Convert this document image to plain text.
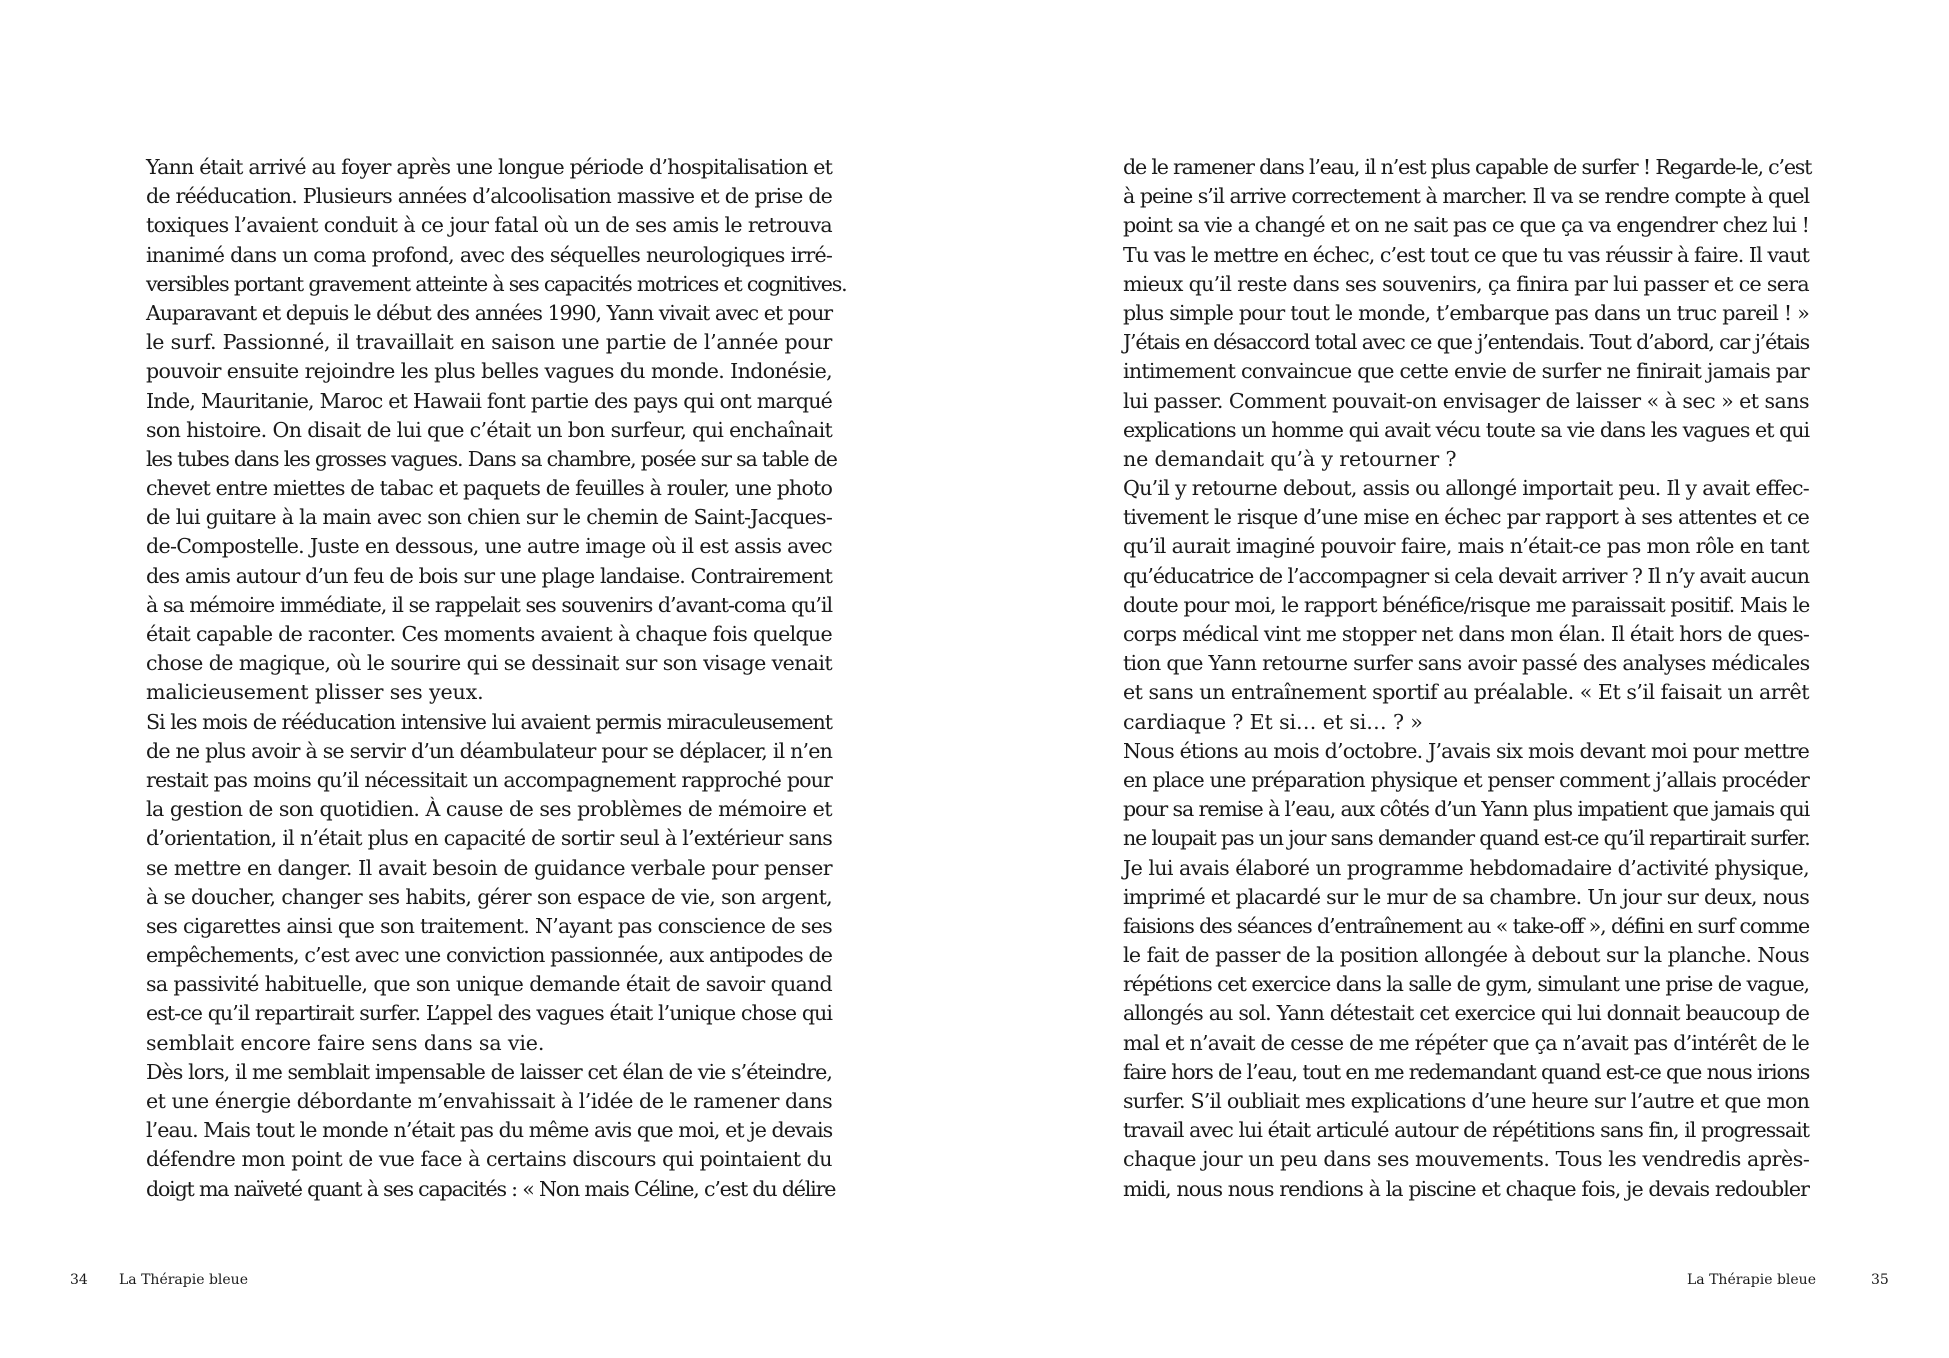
Yann était arrivé au foyer après une longue période d’hospitalisation et
de rééducation. Plusieurs années d’alcoolisation massive et de prise de
toxiques l’avaient conduit à ce jour fatal où un de ses amis le retrouva
inanimé dans un coma profond, avec des séquelles neurologiques irré-
versibles portant gravement atteinte à ses capacités motrices et cognitives.
Auparavant et depuis le début des années 1990, Yann vivait avec et pour
le surf. Passionné, il travaillait en saison une partie de l’année pour
pouvoir ensuite rejoindre les plus belles vagues du monde. Indonésie,
Inde, Mauritanie, Maroc et Hawaii font partie des pays qui ont marqué
son histoire. On disait de lui que c’était un bon surfeur, qui enchaînait
les tubes dans les grosses vagues. Dans sa chambre, posée sur sa table de
chevet entre miettes de tabac et paquets de feuilles à rouler, une photo
de lui guitare à la main avec son chien sur le chemin de Saint-Jacques-
de-Compostelle. Juste en dessous, une autre image où il est assis avec
des amis autour d’un feu de bois sur une plage landaise. Contrairement
à sa mémoire immédiate, il se rappelait ses souvenirs d’avant-coma qu’il
était capable de raconter. Ces moments avaient à chaque fois quelque
chose de magique, où le sourire qui se dessinait sur son visage venait
malicieusement plisser ses yeux.
Si les mois de rééducation intensive lui avaient permis miraculeusement
de ne plus avoir à se servir d’un déambulateur pour se déplacer, il n’en
restait pas moins qu’il nécessitait un accompagnement rapproché pour
la gestion de son quotidien. À cause de ses problèmes de mémoire et
d’orientation, il n’était plus en capacité de sortir seul à l’extérieur sans
se mettre en danger. Il avait besoin de guidance verbale pour penser
à se doucher, changer ses habits, gérer son espace de vie, son argent,
ses cigarettes ainsi que son traitement. N’ayant pas conscience de ses
empêchements, c’est avec une conviction passionnée, aux antipodes de
sa passivité habituelle, que son unique demande était de savoir quand
est-ce qu’il repartirait surfer. L’appel des vagues était l’unique chose qui
semblait encore faire sens dans sa vie.
Dès lors, il me semblait impensable de laisser cet élan de vie s’éteindre,
et une énergie débordante m’envahissait à l’idée de le ramener dans
l’eau. Mais tout le monde n’était pas du même avis que moi, et je devais
défendre mon point de vue face à certains discours qui pointaient du
doigt ma naïveté quant à ses capacités : « Non mais Céline, c’est du délire
34 La Thérapie bleue
de le ramener dans l’eau, il n’est plus capable de surfer ! Regarde-le, c’est
à peine s’il arrive correctement à marcher. Il va se rendre compte à quel
point sa vie a changé et on ne sait pas ce que ça va engendrer chez lui !
Tu vas le mettre en échec, c’est tout ce que tu vas réussir à faire. Il vaut
mieux qu’il reste dans ses souvenirs, ça finira par lui passer et ce sera
plus simple pour tout le monde, t’embarque pas dans un truc pareil ! »
J’étais en désaccord total avec ce que j’entendais. Tout d’abord, car j’étais
intimement convaincue que cette envie de surfer ne finirait jamais par
lui passer. Comment pouvait-on envisager de laisser « à sec » et sans
explications un homme qui avait vécu toute sa vie dans les vagues et qui
ne demandait qu’à y retourner ?
Qu’il y retourne debout, assis ou allongé importait peu. Il y avait effec-
tivement le risque d’une mise en échec par rapport à ses attentes et ce
qu’il aurait imaginé pouvoir faire, mais n’était-ce pas mon rôle en tant
qu’éducatrice de l’accompagner si cela devait arriver ? Il n’y avait aucun
doute pour moi, le rapport bénéfice/risque me paraissait positif. Mais le
corps médical vint me stopper net dans mon élan. Il était hors de ques-
tion que Yann retourne surfer sans avoir passé des analyses médicales
et sans un entraînement sportif au préalable. « Et s’il faisait un arrêt
cardiaque ? Et si… et si… ? »
Nous étions au mois d’octobre. J’avais six mois devant moi pour mettre
en place une préparation physique et penser comment j’allais procéder
pour sa remise à l’eau, aux côtés d’un Yann plus impatient que jamais qui
ne loupait pas un jour sans demander quand est-ce qu’il repartirait surfer.
Je lui avais élaboré un programme hebdomadaire d’activité physique,
imprimé et placardé sur le mur de sa chambre. Un jour sur deux, nous
faisions des séances d’entraînement au « take-off », défini en surf comme
le fait de passer de la position allongée à debout sur la planche. Nous
répétions cet exercice dans la salle de gym, simulant une prise de vague,
allongés au sol. Yann détestait cet exercice qui lui donnait beaucoup de
mal et n’avait de cesse de me répéter que ça n’avait pas d’intérêt de le
faire hors de l’eau, tout en me redemandant quand est-ce que nous irions
surfer. S’il oubliait mes explications d’une heure sur l’autre et que mon
travail avec lui était articulé autour de répétitions sans fin, il progressait
chaque jour un peu dans ses mouvements. Tous les vendredis après-
midi, nous nous rendions à la piscine et chaque fois, je devais redoubler
La Thérapie bleue	35
